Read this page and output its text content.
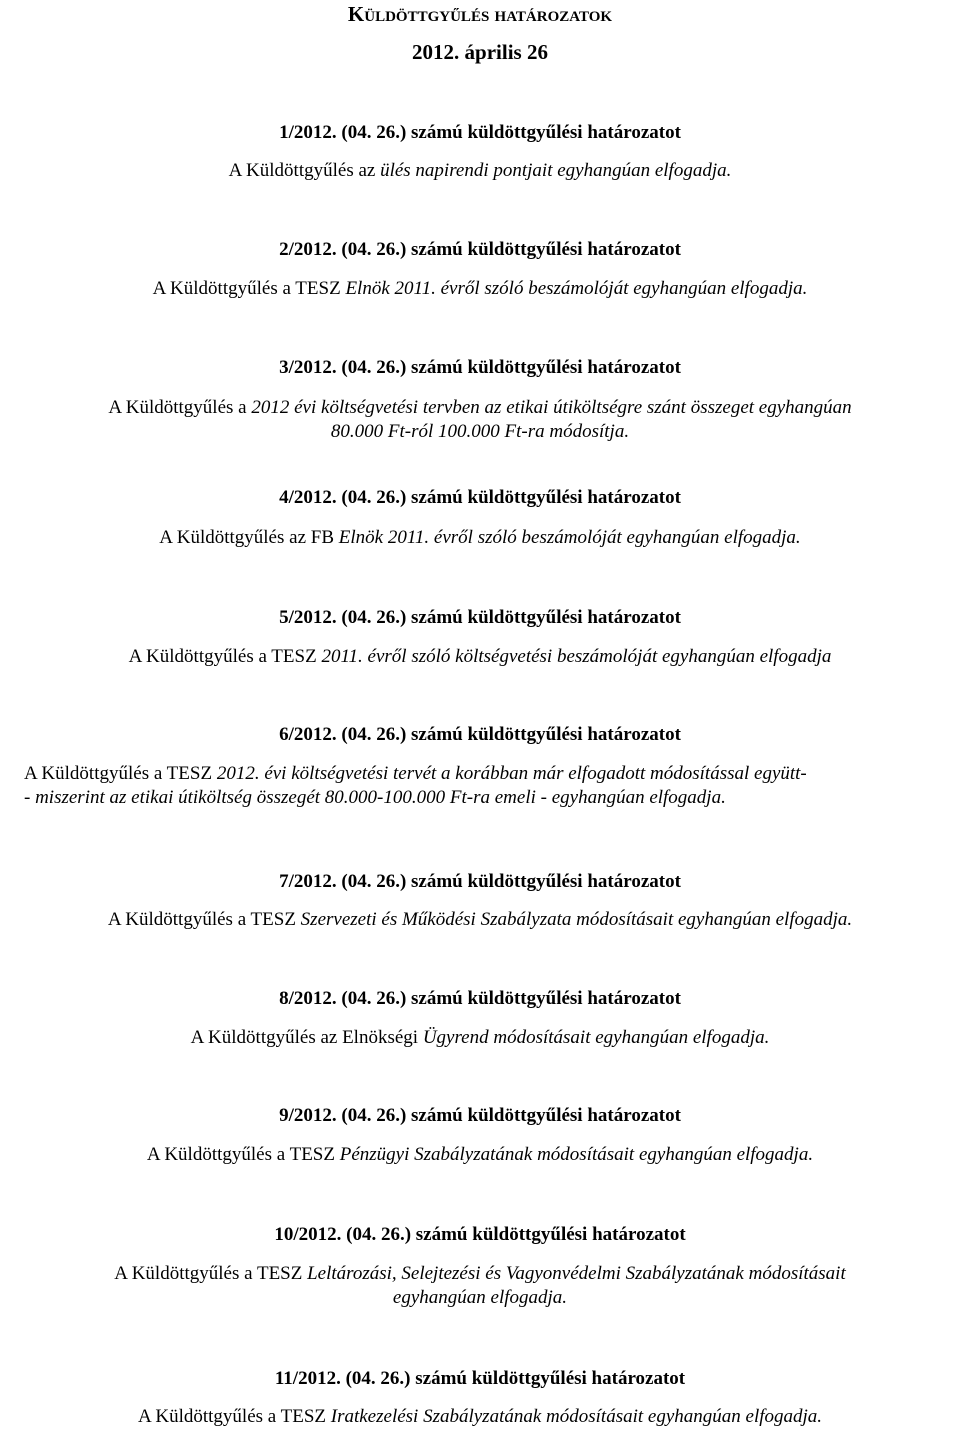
Küldöttgyűlés határozatok
2012. április 26
1/2012. (04. 26.) számú küldöttgyűlési határozatot
A Küldöttgyűlés az ülés napirendi pontjait egyhangúan elfogadja.
2/2012. (04. 26.) számú küldöttgyűlési határozatot
A Küldöttgyűlés a TESZ Elnök 2011. évről szóló beszámolóját egyhangúan elfogadja.
3/2012. (04. 26.) számú küldöttgyűlési határozatot
A Küldöttgyűlés a 2012 évi költségvetési tervben az etikai útiköltségre szánt összeget egyhangúan
80.000 Ft-ról 100.000 Ft-ra módosítja.
4/2012. (04. 26.) számú küldöttgyűlési határozatot
A Küldöttgyűlés az FB Elnök 2011. évről szóló beszámolóját egyhangúan elfogadja.
5/2012. (04. 26.) számú küldöttgyűlési határozatot
A Küldöttgyűlés a TESZ 2011. évről szóló költségvetési beszámolóját egyhangúan elfogadja
6/2012. (04. 26.) számú küldöttgyűlési határozatot
A Küldöttgyűlés a TESZ 2012. évi költségvetési tervét a korábban már elfogadott módosítással együtt-
- miszerint az etikai útiköltség összegét 80.000-100.000 Ft-ra emeli - egyhangúan elfogadja.
7/2012. (04. 26.) számú küldöttgyűlési határozatot
A Küldöttgyűlés a TESZ Szervezeti és Működési Szabályzata módosításait egyhangúan elfogadja.
8/2012. (04. 26.) számú küldöttgyűlési határozatot
A Küldöttgyűlés az Elnökségi Ügyrend módosításait egyhangúan elfogadja.
9/2012. (04. 26.) számú küldöttgyűlési határozatot
A Küldöttgyűlés a TESZ Pénzügyi Szabályzatának módosításait egyhangúan elfogadja.
10/2012. (04. 26.) számú küldöttgyűlési határozatot
A Küldöttgyűlés a TESZ Leltározási, Selejtezési és Vagyonvédelmi Szabályzatának módosításait
egyhangúan elfogadja.
11/2012. (04. 26.) számú küldöttgyűlési határozatot
A Küldöttgyűlés a TESZ Iratkezelési Szabályzatának módosításait egyhangúan elfogadja.
